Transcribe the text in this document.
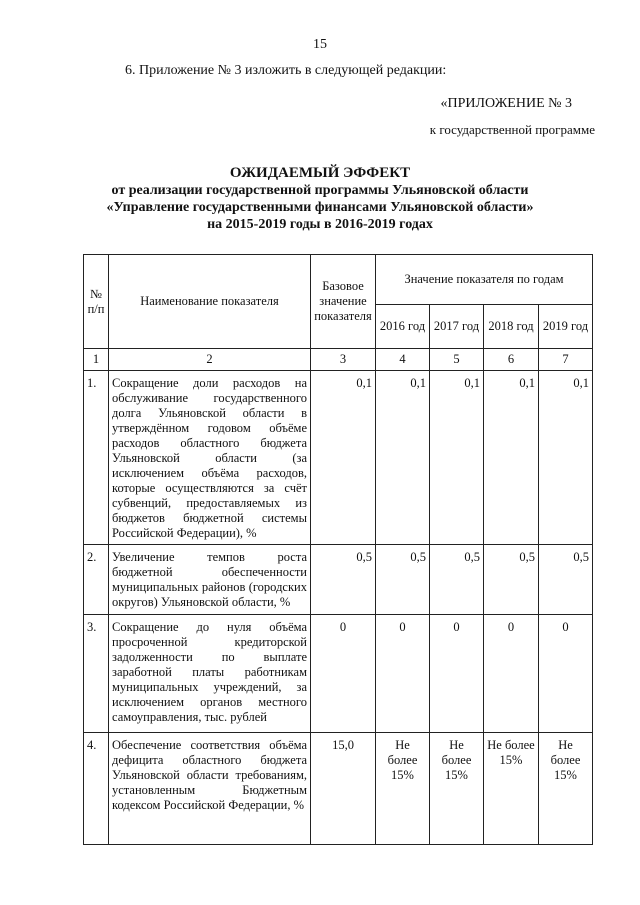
15
6. Приложение № 3 изложить в следующей редакции:
«ПРИЛОЖЕНИЕ № 3
к государственной программе
ОЖИДАЕМЫЙ ЭФФЕКТ
от реализации государственной программы Ульяновской области
«Управление государственными финансами Ульяновской области»
на 2015-2019 годы в 2016-2019 годах
№ п/п	Наименование показателя	Базовое значение показателя	Значение показателя по годам			
			2016 год	2017 год	2018 год	2019 год
1	2	3	4	5	6	7
1.	Сокращение доли расходов на обслуживание государственного долга Ульяновской области в утверждённом годовом объёме расходов областного бюджета Ульяновской области (за исключением объёма расходов, которые осуществляются за счёт субвенций, предоставляемых из бюджетов бюджетной системы Российской Федерации), %	0,1	0,1	0,1	0,1	0,1
2.	Увеличение темпов роста бюджетной обеспеченности муниципальных районов (городских округов) Ульяновской области, %	0,5	0,5	0,5	0,5	0,5
3.	Сокращение до нуля объёма просроченной кредиторской задолженности по выплате заработной платы работникам муниципальных учреждений, за исключением органов местного самоуправления, тыс. рублей	0	0	0	0	0
4.	Обеспечение соответствия объёма дефицита областного бюджета Ульяновской области требованиям, установленным Бюджетным кодексом Российской Федерации, %	15,0	Не более 15%	Не более 15%	Не более 15%	Не более 15%
